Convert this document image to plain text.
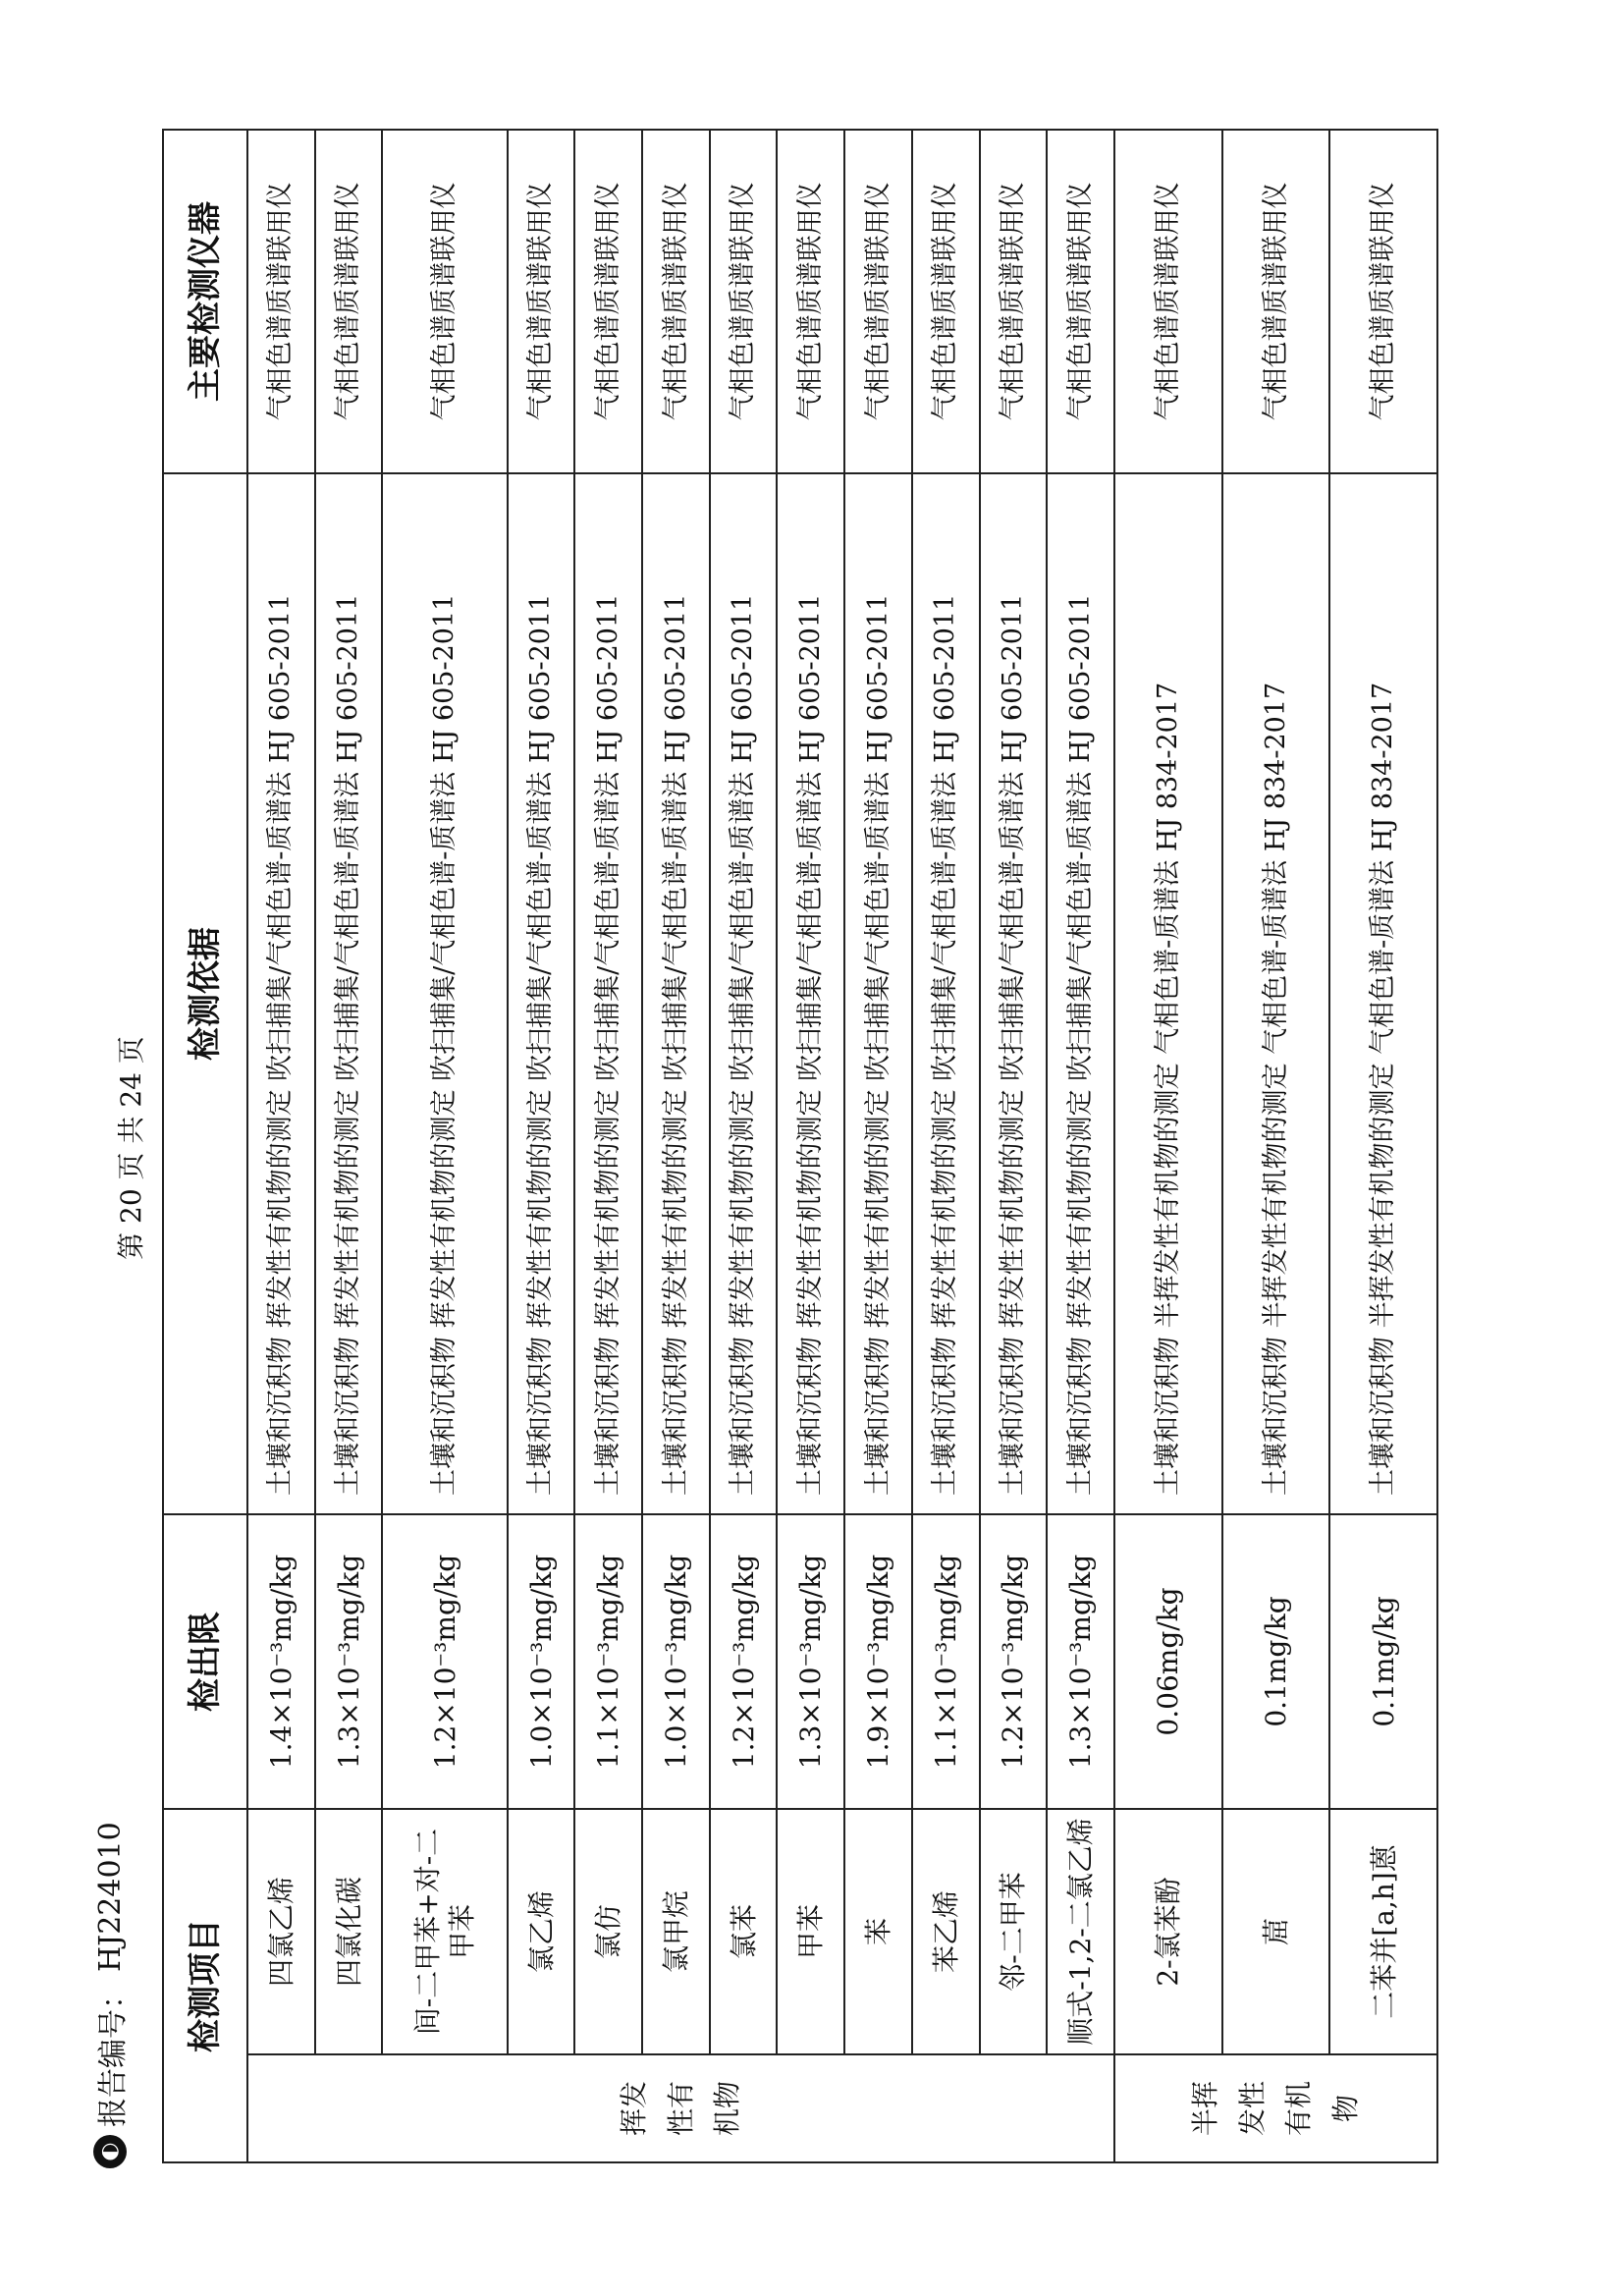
◐
报告编号：
HJ224010
第 20 页 共 24 页
检测项目		检出限	检测依据	主要检测仪器

挥发 性有 机物	四氯乙烯	1.4×10⁻³mg/kg	土壤和沉积物 挥发性有机物的测定 吹扫捕集/气相色谱-质谱法 HJ 605-2011	气相色谱质谱联用仪
	四氯化碳	1.3×10⁻³mg/kg	土壤和沉积物 挥发性有机物的测定 吹扫捕集/气相色谱-质谱法 HJ 605-2011	气相色谱质谱联用仪
	间-二甲苯+对-二甲苯	1.2×10⁻³mg/kg	土壤和沉积物 挥发性有机物的测定 吹扫捕集/气相色谱-质谱法 HJ 605-2011	气相色谱质谱联用仪
	氯乙烯	1.0×10⁻³mg/kg	土壤和沉积物 挥发性有机物的测定 吹扫捕集/气相色谱-质谱法 HJ 605-2011	气相色谱质谱联用仪
	氯仿	1.1×10⁻³mg/kg	土壤和沉积物 挥发性有机物的测定 吹扫捕集/气相色谱-质谱法 HJ 605-2011	气相色谱质谱联用仪
	氯甲烷	1.0×10⁻³mg/kg	土壤和沉积物 挥发性有机物的测定 吹扫捕集/气相色谱-质谱法 HJ 605-2011	气相色谱质谱联用仪
	氯苯	1.2×10⁻³mg/kg	土壤和沉积物 挥发性有机物的测定 吹扫捕集/气相色谱-质谱法 HJ 605-2011	气相色谱质谱联用仪
	甲苯	1.3×10⁻³mg/kg	土壤和沉积物 挥发性有机物的测定 吹扫捕集/气相色谱-质谱法 HJ 605-2011	气相色谱质谱联用仪
	苯	1.9×10⁻³mg/kg	土壤和沉积物 挥发性有机物的测定 吹扫捕集/气相色谱-质谱法 HJ 605-2011	气相色谱质谱联用仪
	苯乙烯	1.1×10⁻³mg/kg	土壤和沉积物 挥发性有机物的测定 吹扫捕集/气相色谱-质谱法 HJ 605-2011	气相色谱质谱联用仪
	邻-二甲苯	1.2×10⁻³mg/kg	土壤和沉积物 挥发性有机物的测定 吹扫捕集/气相色谱-质谱法 HJ 605-2011	气相色谱质谱联用仪
	顺式-1,2-二氯乙烯	1.3×10⁻³mg/kg	土壤和沉积物 挥发性有机物的测定 吹扫捕集/气相色谱-质谱法 HJ 605-2011	气相色谱质谱联用仪

半挥 发性 有机 物	2-氯苯酚	0.06mg/kg	土壤和沉积物 半挥发性有机物的测定 气相色谱-质谱法 HJ 834-2017	气相色谱质谱联用仪
	䓛	0.1mg/kg	土壤和沉积物 半挥发性有机物的测定 气相色谱-质谱法 HJ 834-2017	气相色谱质谱联用仪
	二苯并[a,h]蒽	0.1mg/kg	土壤和沉积物 半挥发性有机物的测定 气相色谱-质谱法 HJ 834-2017	气相色谱质谱联用仪
